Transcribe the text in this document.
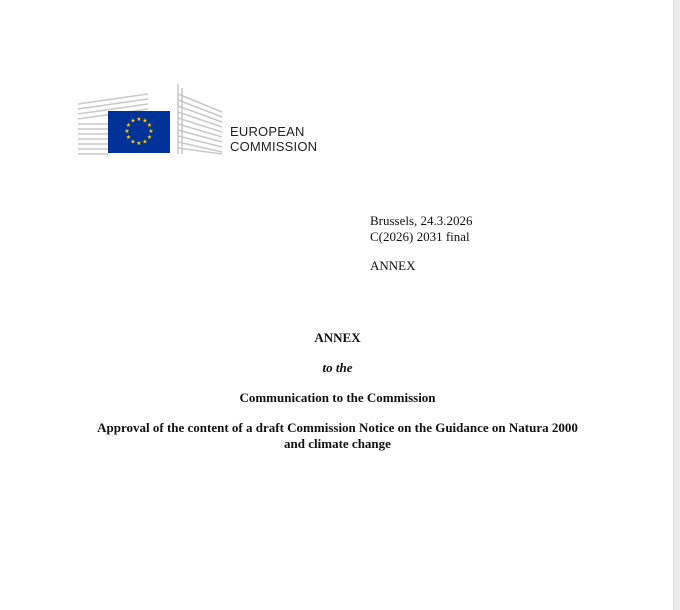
★ ★
★
★
★
★
★
★
★
★
★
★
EUROPEAN
COMMISSION
Brussels, 24.3.2026
C(2026) 2031 final
ANNEX
ANNEX
to the
Communication to the Commission
Approval of the content of a draft Commission Notice on the Guidance on Natura 2000
and climate change
